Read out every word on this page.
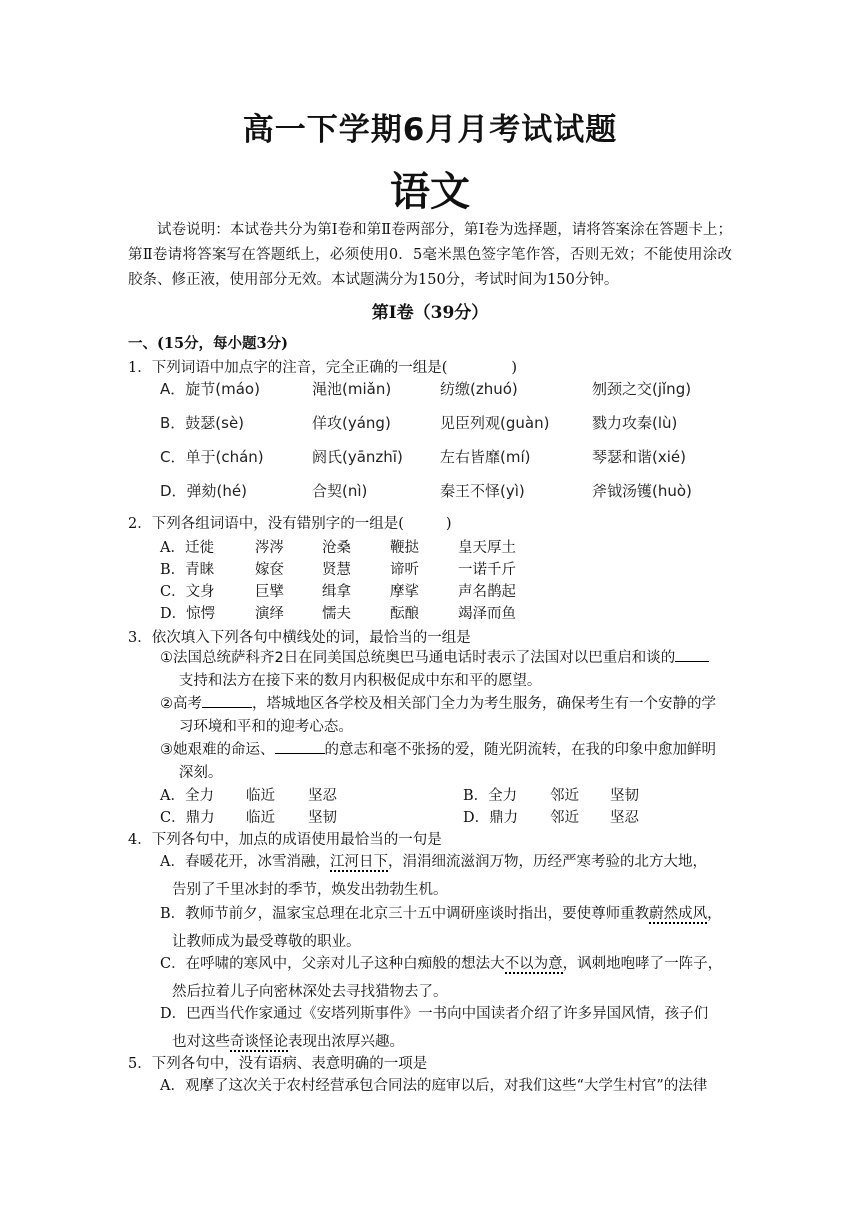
高一下学期6月月考试试题
语文
试卷说明：本试卷共分为第Ⅰ卷和第Ⅱ卷两部分，第Ⅰ卷为选择题，请将答案涂在答题卡上；第Ⅱ卷请将答案写在答题纸上，必须使用0．5毫米黑色签字笔作答，否则无效；不能使用涂改胶条、修正液，使用部分无效。本试题满分为150分，考试时间为150分钟。
第Ⅰ卷（39分）
一、(15分，每小题3分)
1．下列词语中加点字的注音，完全正确的一组是(	)
A．旋节(máo)	渑池(miǎn)	纺缴(zhuó)	刎颈之交(jǐng)
B．鼓瑟(sè)	佯攻(yáng)	见臣列观(guàn)	戮力攻秦(lù)
C．单于(chán)	阏氏(yānzhī) 左右皆靡(mí)	琴瑟和谐(xié)
D．弹劾(hé)	合契(nì)	秦王不怿(yì)	斧钺汤镬(huò)
2．下列各组词语中，没有错别字的一组是(	)
A．迁徙	涔涔	沧桑	鞭挞	皇天厚土
B．青睐	嫁奁	贤慧	谛听	一诺千斤
C．文身	巨擘	缉拿	摩挲	声名鹊起
D．惊愕	演绎	懦夫	酝酿	竭泽而鱼
3．依次填入下列各句中横线处的词，最恰当的一组是
①法国总统萨科齐2日在同美国总统奥巴马通电话时表示了法国对以巴重启和谈的
支持和法方在接下来的数月内积极促成中东和平的愿望。
②高考	，塔城地区各学校及相关部门全力为考生服务，确保考生有一个安静的学
习环境和平和的迎考心态。
③她艰难的命运、	的意志和毫不张扬的爱，随光阴流转，在我的印象中愈加鲜明
深刻。
A．全力 临近 坚忍	B．全力 邻近 坚韧
C．鼎力 临近 坚韧	D．鼎力 邻近 坚忍
4．下列各句中，加点的成语使用最恰当的一句是
A．春暖花开，冰雪消融，江河日下，涓涓细流滋润万物，历经严寒考验的北方大地，
告别了千里冰封的季节，焕发出勃勃生机。
B．教师节前夕，温家宝总理在北京三十五中调研座谈时指出，要使尊师重教蔚然成风，
让教师成为最受尊敬的职业。
C．在呼啸的寒风中，父亲对儿子这种白痴般的想法大不以为意，讽刺地咆哮了一阵子，
然后拉着儿子向密林深处去寻找猎物去了。
D．巴西当代作家通过《安塔列斯事件》一书向中国读者介绍了许多异国风情，孩子们
也对这些奇谈怪论表现出浓厚兴趣。
5．下列各句中，没有语病、表意明确的一项是
A．观摩了这次关于农村经营承包合同法的庭审以后，对我们这些“大学生村官”的法律
